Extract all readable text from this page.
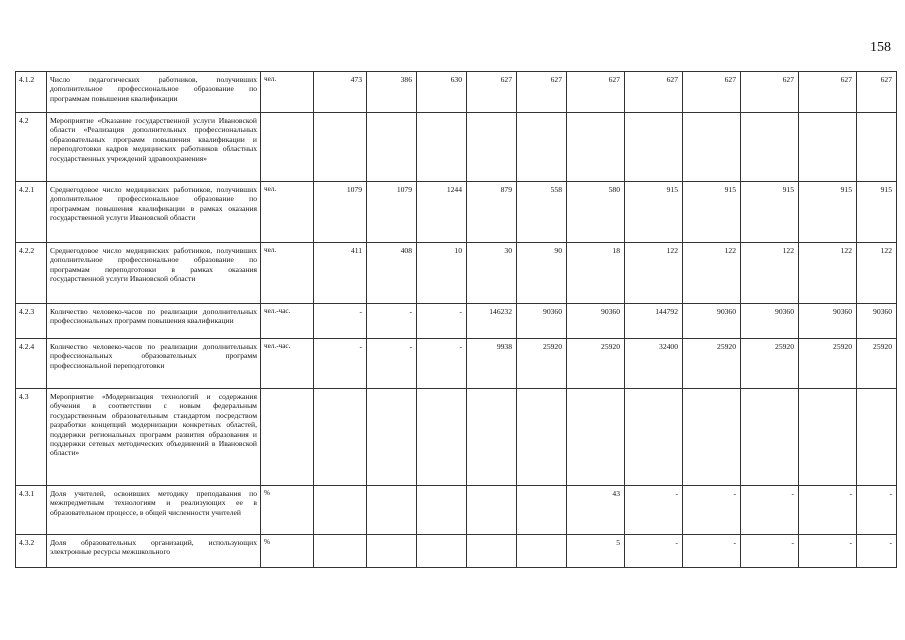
158
4.1.2	Число педагогических работников, получивших дополнительное профессиональное образование по программам повышения квалификации	чел.	473	386	630	627	627	627	627	627	627	627	627
4.2	Мероприятие «Оказание государственной услуги Ивановской области «Реализация дополнительных профессиональных образовательных программ повышения квалификации и переподготовки кадров медицинских работников областных государственных учреждений здравоохранения»												
4.2.1	Среднегодовое число медицинских работников, получивших дополнительное профессиональное образование по программам повышения квалификации в рамках оказания государственной услуги Ивановской области	чел.	1079	1079	1244	879	558	580	915	915	915	915	915
4.2.2	Среднегодовое число медицинских работников, получивших дополнительное профессиональное образование по программам переподготовки в рамках оказания государственной услуги Ивановской области	чел.	411	408	10	30	90	18	122	122	122	122	122
4.2.3	Количество человеко-часов по реализации дополнительных профессиональных программ повышения квалификации	чел.-час.	-	-	-	146232	90360	90360	144792	90360	90360	90360	90360
4.2.4	Количество человеко-часов по реализации дополнительных профессиональных образовательных программ профессиональной переподготовки	чел.-час.	-	-	-	9938	25920	25920	32400	25920	25920	25920	25920
4.3	Мероприятие «Модернизация технологий и содержания обучения в соответствии с новым федеральным государственным образовательным стандартом посредством разработки концепций модернизации конкретных областей, поддержки региональных программ развития образования и поддержки сетевых методических объединений в Ивановской области»												
4.3.1	Доля учителей, освоивших методику преподавания по межпредметным технологиям и реализующих ее в образовательном процессе, в общей численности учителей	%						43	-	-	-	-	-
4.3.2	Доля образовательных организаций, использующих электронные ресурсы межшкольного	%						5	-	-	-	-	-
